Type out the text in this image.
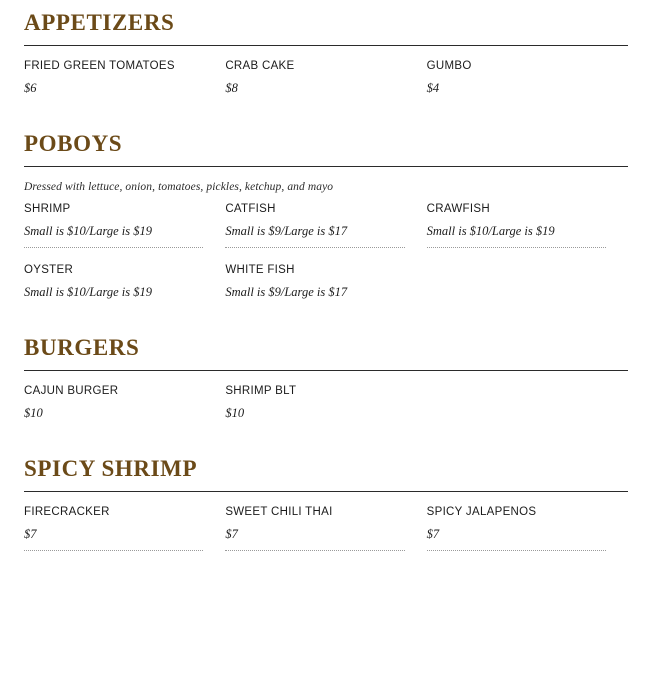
APPETIZERS
FRIED GREEN TOMATOES
$6
CRAB CAKE
$8
GUMBO
$4
POBOYS
Dressed with lettuce, onion, tomatoes, pickles, ketchup, and mayo
SHRIMP
Small is $10/Large is $19
CATFISH
Small is $9/Large is $17
CRAWFISH
Small is $10/Large is $19
OYSTER
Small is $10/Large is $19
WHITE FISH
Small is $9/Large is $17
BURGERS
CAJUN BURGER
$10
SHRIMP BLT
$10
SPICY SHRIMP
FIRECRACKER
$7
SWEET CHILI THAI
$7
SPICY JALAPENOS
$7
